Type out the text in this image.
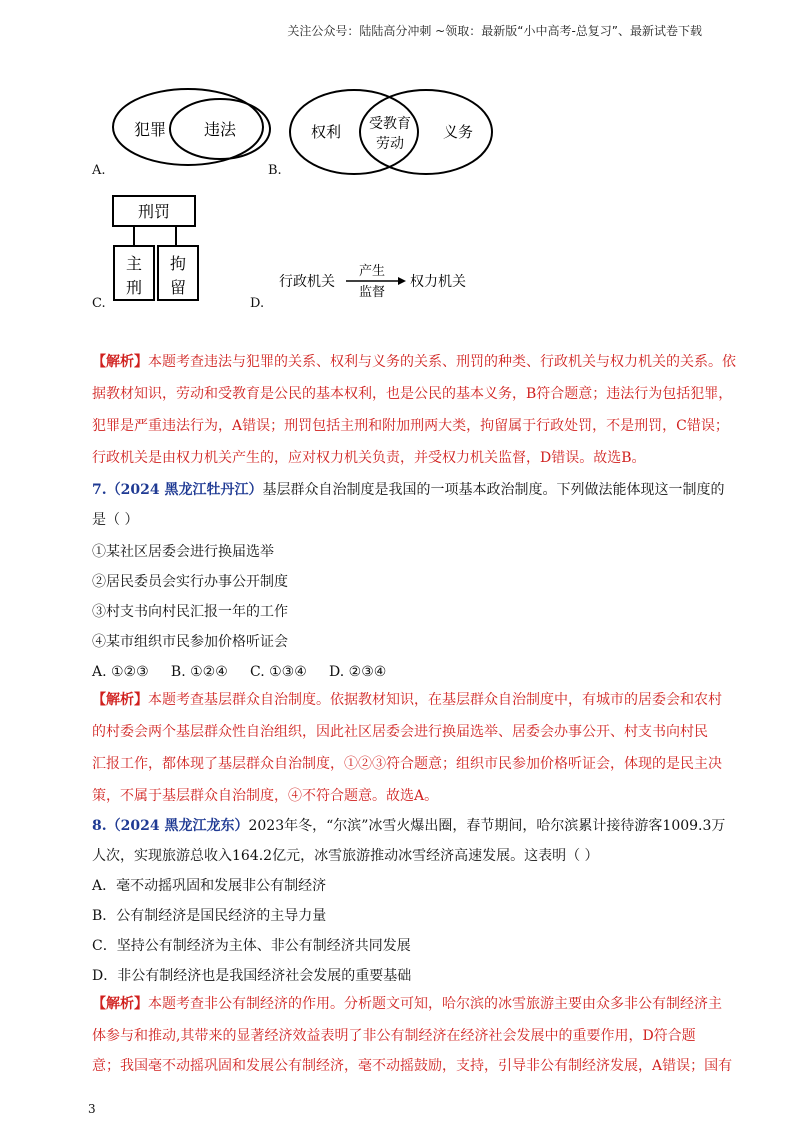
关注公众号：陆陆高分冲刺 ~领取：最新版“小中高考-总复习”、最新试卷下载
犯罪 违法
A.
权利 受教育
劳动
义务
B.
刑罚
主
刑
拘
留
C.
行政机关
产生
监督
权力机关
D.
【解析】本题考查违法与犯罪的关系、权利与义务的关系、刑罚的种类、行政机关与权力机关的关系。依
据教材知识，劳动和受教育是公民的基本权利，也是公民的基本义务，B符合题意；违法行为包括犯罪，
犯罪是严重违法行为，A错误；刑罚包括主刑和附加刑两大类，拘留属于行政处罚，不是刑罚，C错误；
行政机关是由权力机关产生的，应对权力机关负责，并受权力机关监督，D错误。故选B。
7.（2024 黑龙江牡丹江）基层群众自治制度是我国的一项基本政治制度。下列做法能体现这一制度的
是（ ）
①某社区居委会进行换届选举
②居民委员会实行办事公开制度
③村支书向村民汇报一年的工作
④某市组织市民参加价格听证会
A. ①②③     B. ①②④     C. ①③④     D. ②③④
【解析】本题考查基层群众自治制度。依据教材知识，在基层群众自治制度中，有城市的居委会和农村
的村委会两个基层群众性自治组织，因此社区居委会进行换届选举、居委会办事公开、村支书向村民
汇报工作，都体现了基层群众自治制度，①②③符合题意；组织市民参加价格听证会，体现的是民主决
策，不属于基层群众自治制度，④不符合题意。故选A。
8.（2024 黑龙江龙东）2023年冬，“尔滨”冰雪火爆出圈，春节期间，哈尔滨累计接待游客1009.3万
人次，实现旅游总收入164.2亿元，冰雪旅游推动冰雪经济高速发展。这表明（ ）
A．毫不动摇巩固和发展非公有制经济
B．公有制经济是国民经济的主导力量
C．坚持公有制经济为主体、非公有制经济共同发展
D．非公有制经济也是我国经济社会发展的重要基础
【解析】本题考查非公有制经济的作用。分析题文可知，哈尔滨的冰雪旅游主要由众多非公有制经济主
体参与和推动,其带来的显著经济效益表明了非公有制经济在经济社会发展中的重要作用，D符合题
意；我国毫不动摇巩固和发展公有制经济，毫不动摇鼓励，支持，引导非公有制经济发展，A错误；国有
3
